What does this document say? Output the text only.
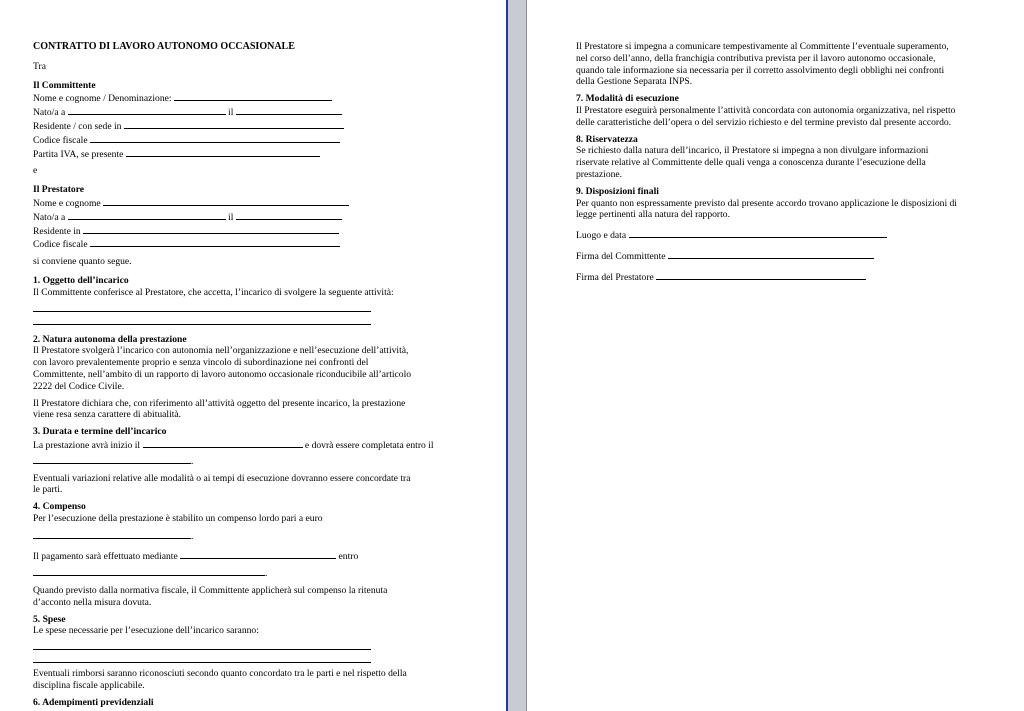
CONTRATTO DI LAVORO AUTONOMO OCCASIONALE

Tra

Il Committente

Nome e cognome / Denominazione:

Nato/a a	il

Residente / con sede in

Codice fiscale

Partita IVA, se presente

e

Il Prestatore

Nome e cognome

Nato/a a	il

Residente in

Codice fiscale

si conviene quanto segue.

1. Oggetto dell’incarico

Il Committente conferisce al Prestatore, che accetta, l’incarico di svolgere la seguente attività:

2. Natura autonoma della prestazione

Il Prestatore svolgerà l’incarico con autonomia nell’organizzazione e nell’esecuzione dell’attività,

con lavoro prevalentemente proprio e senza vincolo di subordinazione nei confronti del

Committente, nell’ambito di un rapporto di lavoro autonomo occasionale riconducibile all’articolo

2222 del Codice Civile.

Il Prestatore dichiara che, con riferimento all’attività oggetto del presente incarico, la prestazione

viene resa senza carattere di abitualità.

3. Durata e termine dell’incarico

La prestazione avrà inizio il	e dovrà essere completata entro il

.

Eventuali variazioni relative alle modalità o ai tempi di esecuzione dovranno essere concordate tra

le parti.

4. Compenso

Per l’esecuzione della prestazione è stabilito un compenso lordo pari a euro

.

Il pagamento sarà effettuato mediante	entro

.

Quando previsto dalla normativa fiscale, il Committente applicherà sul compenso la ritenuta

d’acconto nella misura dovuta.

5. Spese

Le spese necessarie per l’esecuzione dell’incarico saranno:

Eventuali rimborsi saranno riconosciuti secondo quanto concordato tra le parti e nel rispetto della

disciplina fiscale applicabile.

6. Adempimenti previdenziali

Il Prestatore si impegna a comunicare tempestivamente al Committente l’eventuale superamento,

nel corso dell’anno, della franchigia contributiva prevista per il lavoro autonomo occasionale,

quando tale informazione sia necessaria per il corretto assolvimento degli obblighi nei confronti

della Gestione Separata INPS.

7. Modalità di esecuzione

Il Prestatore eseguirà personalmente l’attività concordata con autonomia organizzativa, nel rispetto

delle caratteristiche dell’opera o del servizio richiesto e del termine previsto dal presente accordo.

8. Riservatezza

Se richiesto dalla natura dell’incarico, il Prestatore si impegna a non divulgare informazioni

riservate relative al Committente delle quali venga a conoscenza durante l’esecuzione della

prestazione.

9. Disposizioni finali

Per quanto non espressamente previsto dal presente accordo trovano applicazione le disposizioni di

legge pertinenti alla natura del rapporto.

Luogo e data

Firma del Committente

Firma del Prestatore
